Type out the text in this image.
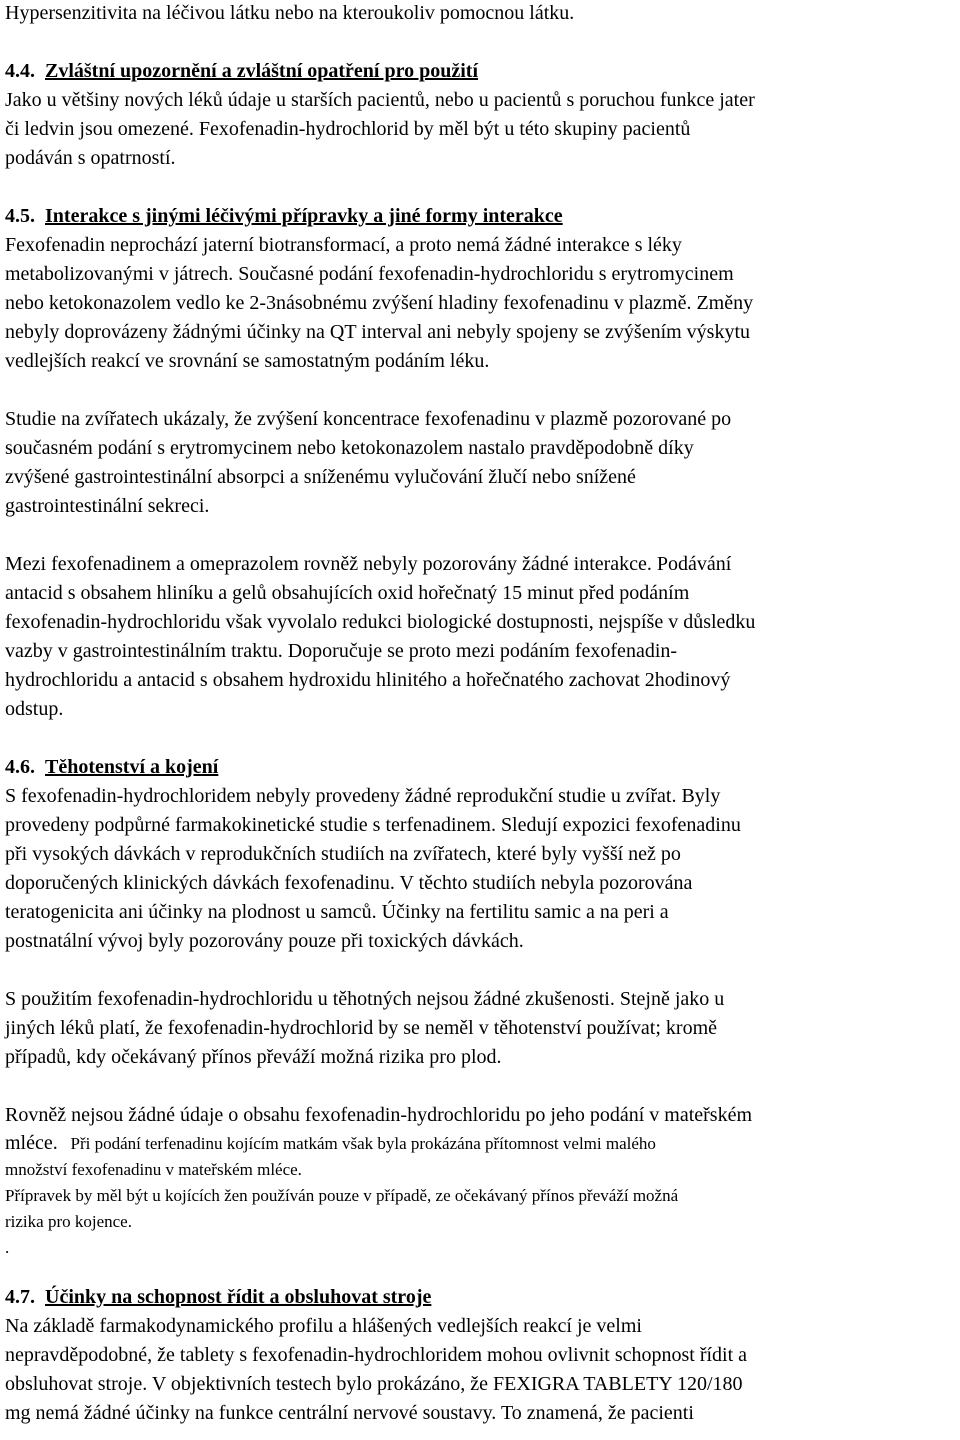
Hypersenzitivita na léčivou látku nebo na kteroukoliv pomocnou látku.
4.4. Zvláštní upozornění a zvláštní opatření pro použití
Jako u většiny nových léků údaje u starších pacientů, nebo u pacientů s poruchou funkce jater
či ledvin jsou omezené. Fexofenadin-hydrochlorid by měl být u této skupiny pacientů
podáván s opatrností.
4.5. Interakce s jinými léčivými přípravky a jiné formy interakce
Fexofenadin neprochází jaterní biotransformací, a proto nemá žádné interakce s léky
metabolizovanými v játrech. Současné podání fexofenadin-hydrochloridu s erytromycinem
nebo ketokonazolem vedlo ke 2-3násobnému zvýšení hladiny fexofenadinu v plazmě. Změny
nebyly doprovázeny žádnými účinky na QT interval ani nebyly spojeny se zvýšením výskytu
vedlejších reakcí ve srovnání se samostatným podáním léku.
Studie na zvířatech ukázaly, že zvýšení koncentrace fexofenadinu v plazmě pozorované po
současném podání s erytromycinem nebo ketokonazolem nastalo pravděpodobně díky
zvýšené gastrointestinální absorpci a sníženému vylučování žlučí nebo snížené
gastrointestinální sekreci.
Mezi fexofenadinem a omeprazolem rovněž nebyly pozorovány žádné interakce. Podávání
antacid s obsahem hliníku a gelů obsahujících oxid hořečnatý 15 minut před podáním
fexofenadin-hydrochloridu však vyvolalo redukci biologické dostupnosti, nejspíše v důsledku
vazby v gastrointestinálním traktu. Doporučuje se proto mezi podáním fexofenadin-
hydrochloridu a antacid s obsahem hydroxidu hlinitého a hořečnatého zachovat 2hodinový
odstup.
4.6. Těhotenství a kojení
S fexofenadin-hydrochloridem nebyly provedeny žádné reprodukční studie u zvířat. Byly
provedeny podpůrné farmakokinetické studie s terfenadinem. Sledují expozici fexofenadinu
při vysokých dávkách v reprodukčních studiích na zvířatech, které byly vyšší než po
doporučených klinických dávkách fexofenadinu. V těchto studiích nebyla pozorována
teratogenicita ani účinky na plodnost u samců. Účinky na fertilitu samic a na peri a
postnatální vývoj byly pozorovány pouze při toxických dávkách.
S použitím fexofenadin-hydrochloridu u těhotných nejsou žádné zkušenosti. Stejně jako u
jiných léků platí, že fexofenadin-hydrochlorid by se neměl v těhotenství používat; kromě
případů, kdy očekávaný přínos převáží možná rizika pro plod.
Rovněž nejsou žádné údaje o obsahu fexofenadin-hydrochloridu po jeho podání v mateřském
mléce. Při podání terfenadinu kojícím matkám však byla prokázána přítomnost velmi malého
množství fexofenadinu v mateřském mléce.
Přípravek by měl být u kojících žen používán pouze v případě, ze očekávaný přínos převáží možná
rizika pro kojence.
.
4.7. Účinky na schopnost řídit a obsluhovat stroje
Na základě farmakodynamického profilu a hlášených vedlejších reakcí je velmi
nepravděpodobné, že tablety s fexofenadin-hydrochloridem mohou ovlivnit schopnost řídit a
obsluhovat stroje. V objektivních testech bylo prokázáno, že FEXIGRA TABLETY 120/180
mg nemá žádné účinky na funkce centrální nervové soustavy. To znamená, že pacienti
